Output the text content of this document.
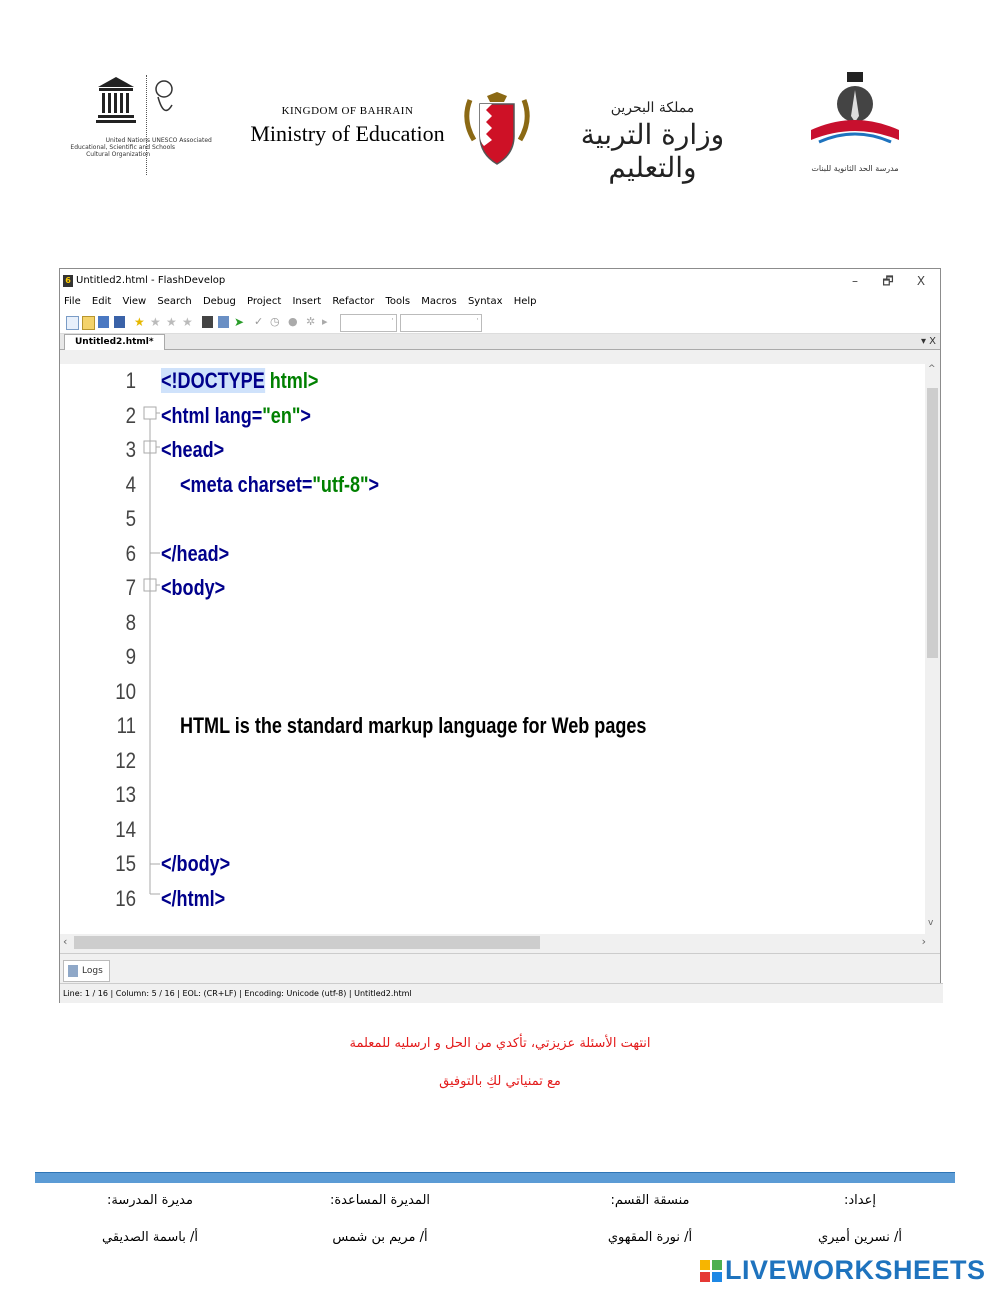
United Nations Educational, Scientific and Cultural Organization
UNESCO Associated Schools
KINGDOM OF BAHRAIN
Ministry of Education
مملكة البحرين
وزارة التربية والتعليم	مدرسة الحد الثانوية للبنات
6 Untitled2.html - FlashDevelop	–	🗗	X
File Edit View Search Debug Project Insert Refactor Tools Macros Syntax Help
★ ★ ★ ★	➤ ✓ ◷ ● ✲ ▸	·	·
Untitled2.html*	▾ X
1
2
3
4
5
6
7
8
9
10
11
12
13
14
15
16
<!DOCTYPE html>
<html lang="en">
<head>
<meta charset="utf-8">
</head>
<body>
HTML is the standard markup language for Web pages
</body>
</html>
^
v
‹	›
Logs
Line: 1 / 16 | Column: 5 / 16 | EOL: (CR+LF) | Encoding: Unicode (utf-8) | Untitled2.html
انتهت الأسئلة عزيزتي، تأكدي من الحل و ارسليه للمعلمة
مع تمنياتي لكِ بالتوفيق
إعداد:
أ/ نسرين أميري
منسقة القسم:
أ/ نورة المقهوي
المديرة المساعدة:
أ/ مريم بن شمس
مديرة المدرسة:
أ/ باسمة الصديقي
LIVEWORKSHEETS
